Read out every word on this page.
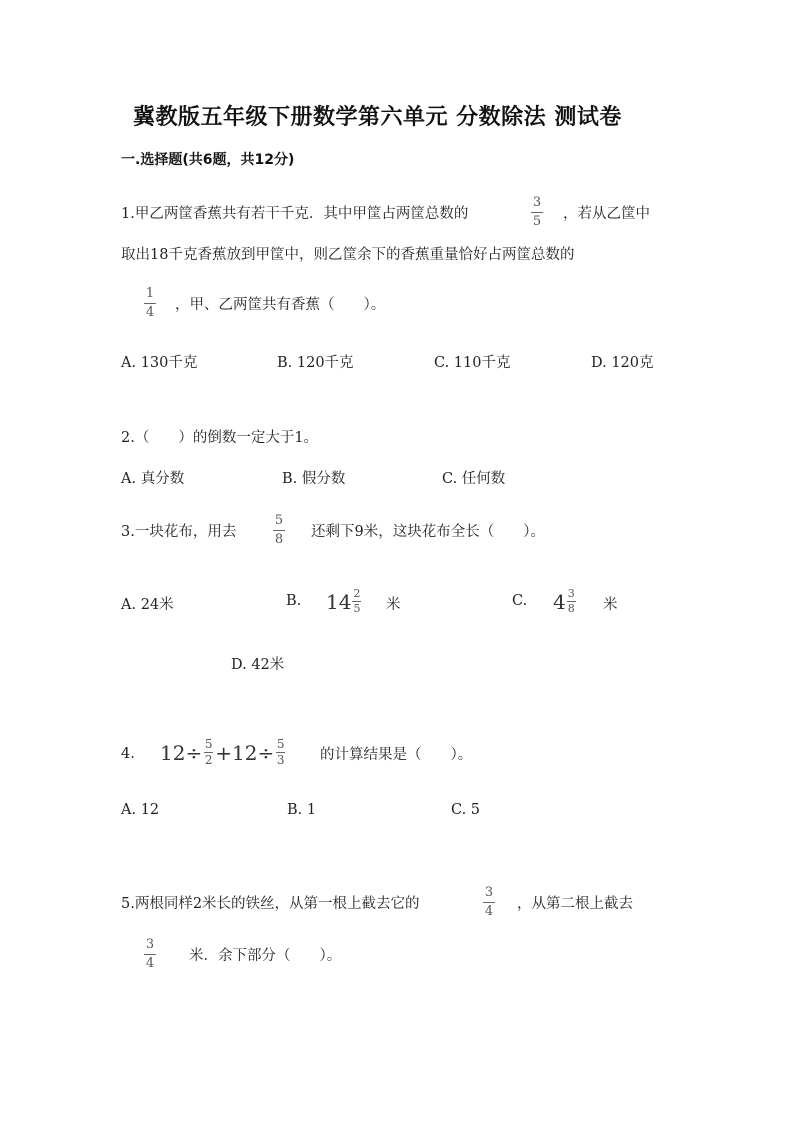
冀教版五年级下册数学第六单元 分数除法 测试卷
一.选择题(共6题，共12分)
1.甲乙两筐香蕉共有若干千克．其中甲筐占两筐总数的
3
5 ，若从乙筐中
取出18千克香蕉放到甲筐中，则乙筐余下的香蕉重量恰好占两筐总数的
1
4 ，甲、乙两筐共有香蕉（　　）。
A. 130千克	B. 120千克	C. 110千克	D. 120克
2.（　　）的倒数一定大于1。
A. 真分数	B. 假分数	C. 任何数
3.一块花布，用去
5
8 还剩下9米，这块花布全长（　　）。
A. 24米	B. $14 \frac{2}{5}$ 米	C. $4 \frac{3}{8}$ 米
D. 42米
4. $12 \div \frac{5}{2} + 12 \div \frac{5}{3}$ 的计算结果是（　　）。
A. 12	B. 1	C. 5
5.两根同样2米长的铁丝，从第一根上截去它的
3
4 ，从第二根上截去
3
4 米．余下部分（　　）。
